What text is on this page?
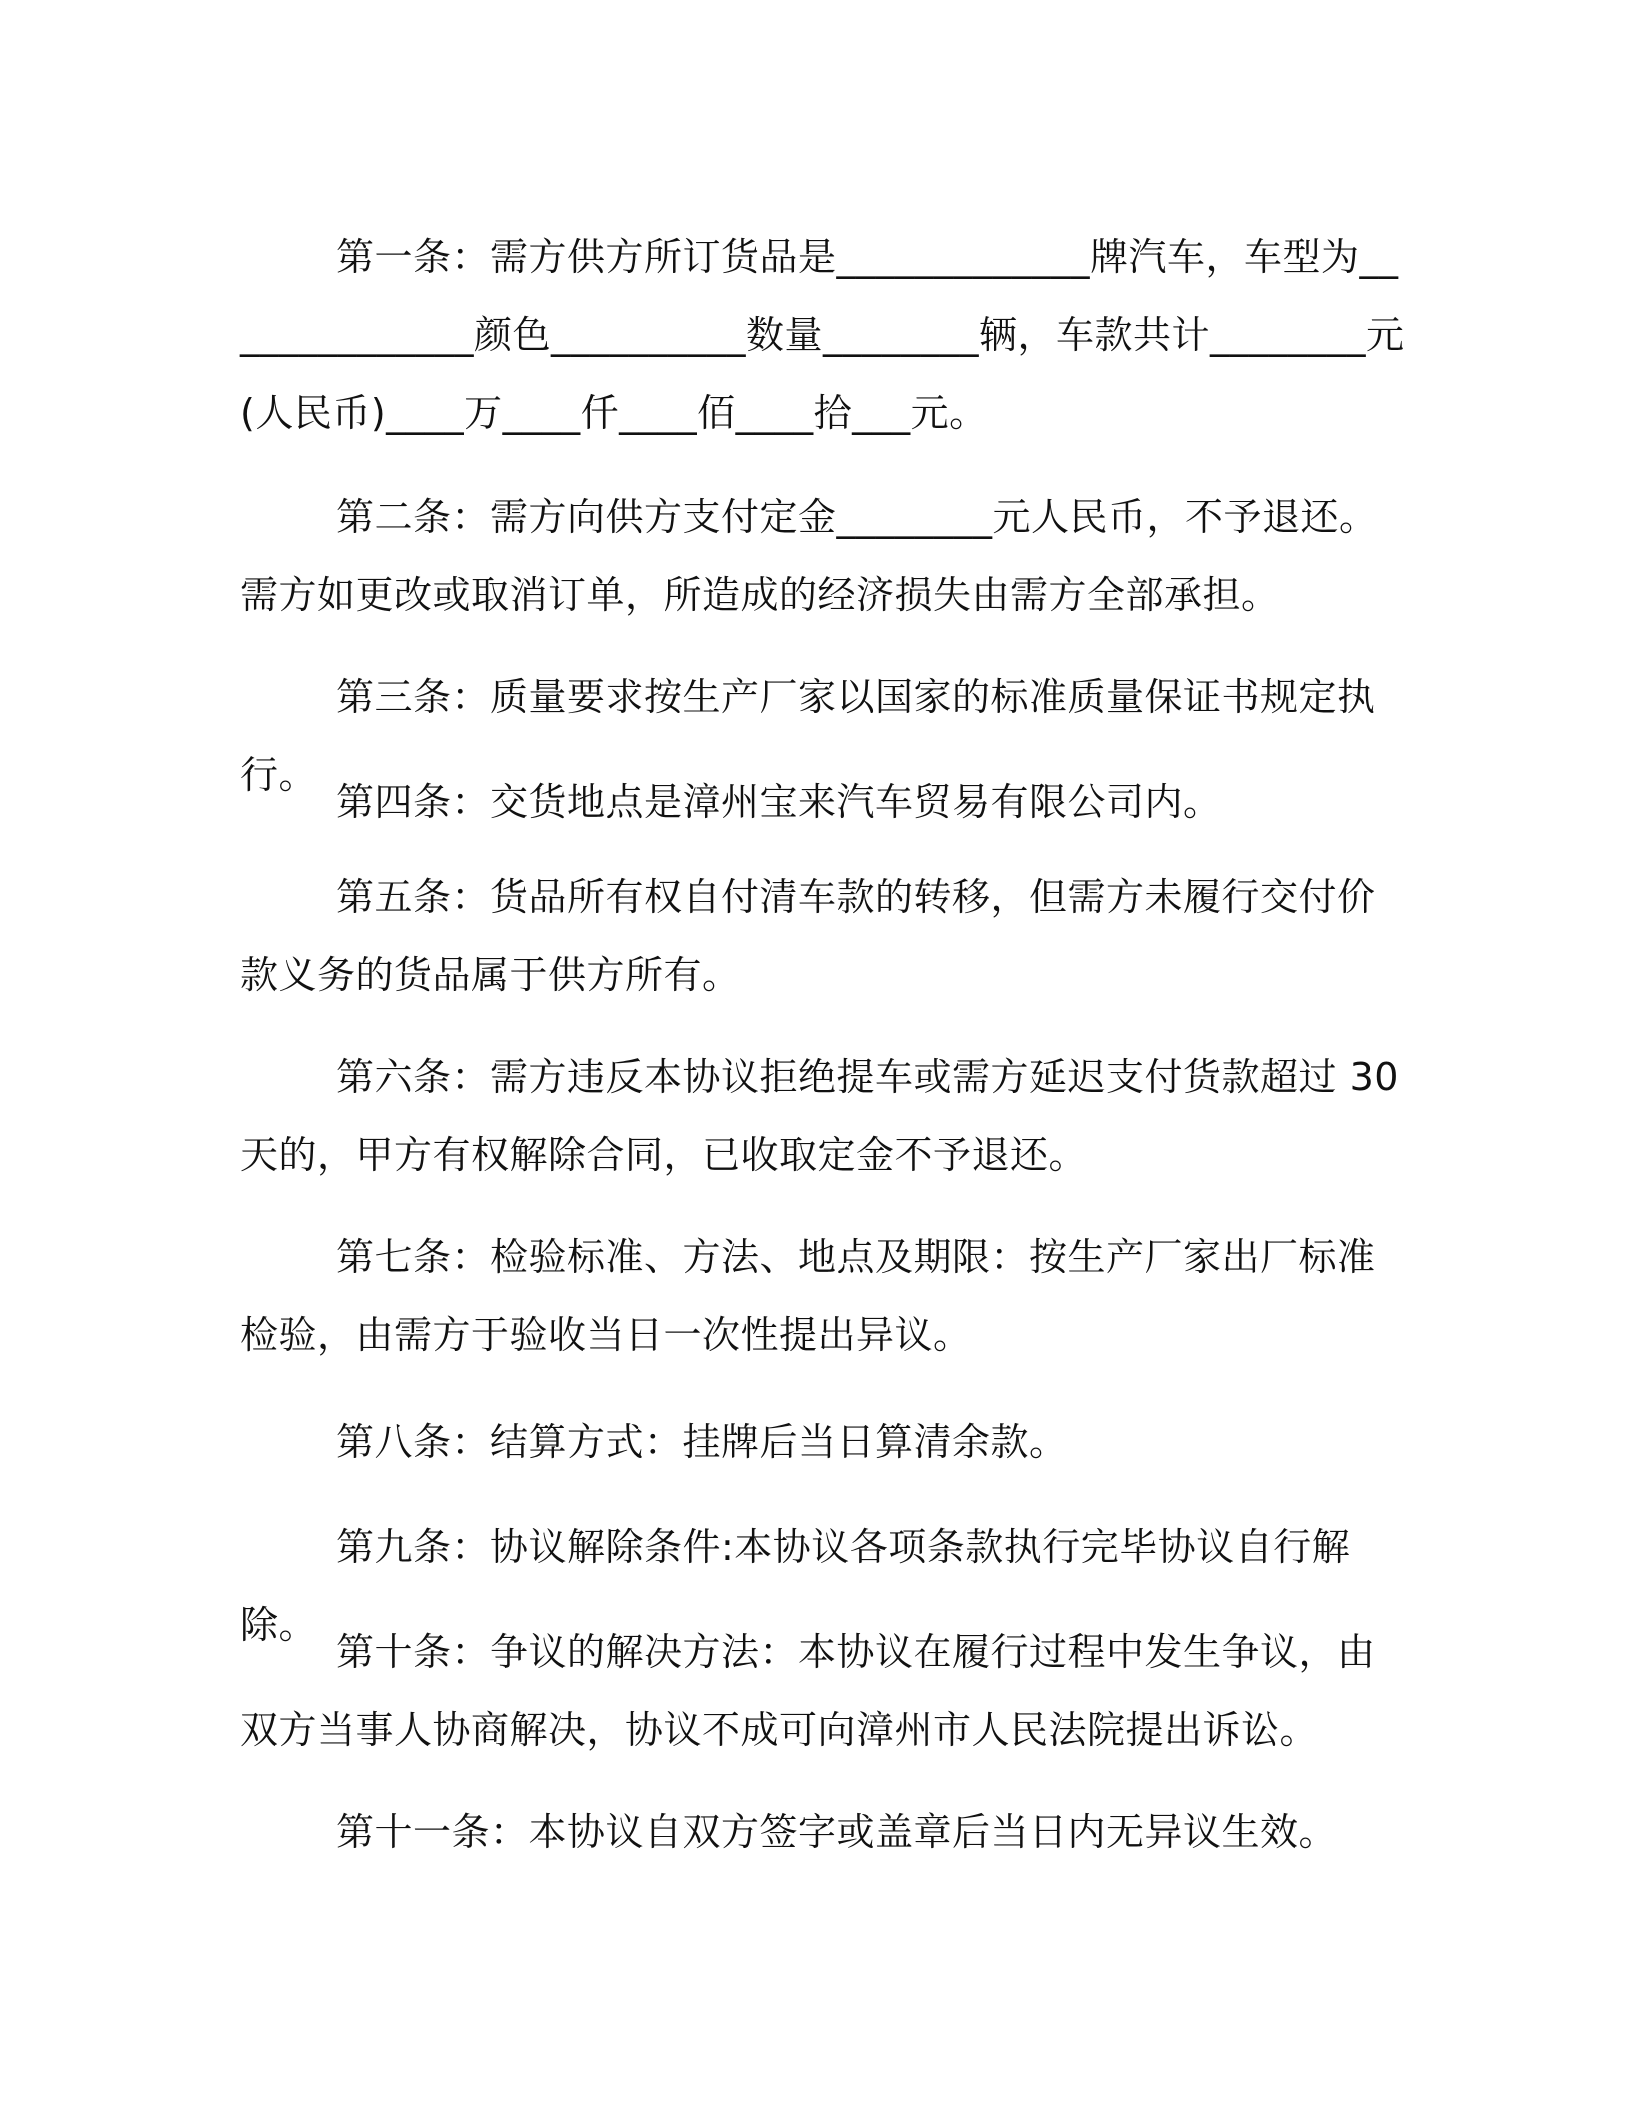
第一条：需方供方所订货品是_____________牌汽车，车型为______________颜色__________数量________辆，车款共计________元(人民币)____万____仟____佰____拾___元。

第二条：需方向供方支付定金________元人民币，不予退还。需方如更改或取消订单，所造成的经济损失由需方全部承担。

第三条：质量要求按生产厂家以国家的标准质量保证书规定执行。

第四条：交货地点是漳州宝来汽车贸易有限公司内。

第五条：货品所有权自付清车款的转移，但需方未履行交付价款义务的货品属于供方所有。

第六条：需方违反本协议拒绝提车或需方延迟支付货款超过 30 天的，甲方有权解除合同，已收取定金不予退还。

第七条：检验标准、方法、地点及期限：按生产厂家出厂标准检验，由需方于验收当日一次性提出异议。

第八条：结算方式：挂牌后当日算清余款。

第九条：协议解除条件:本协议各项条款执行完毕协议自行解除。

第十条：争议的解决方法：本协议在履行过程中发生争议，由双方当事人协商解决，协议不成可向漳州市人民法院提出诉讼。

第十一条：本协议自双方签字或盖章后当日内无异议生效。
